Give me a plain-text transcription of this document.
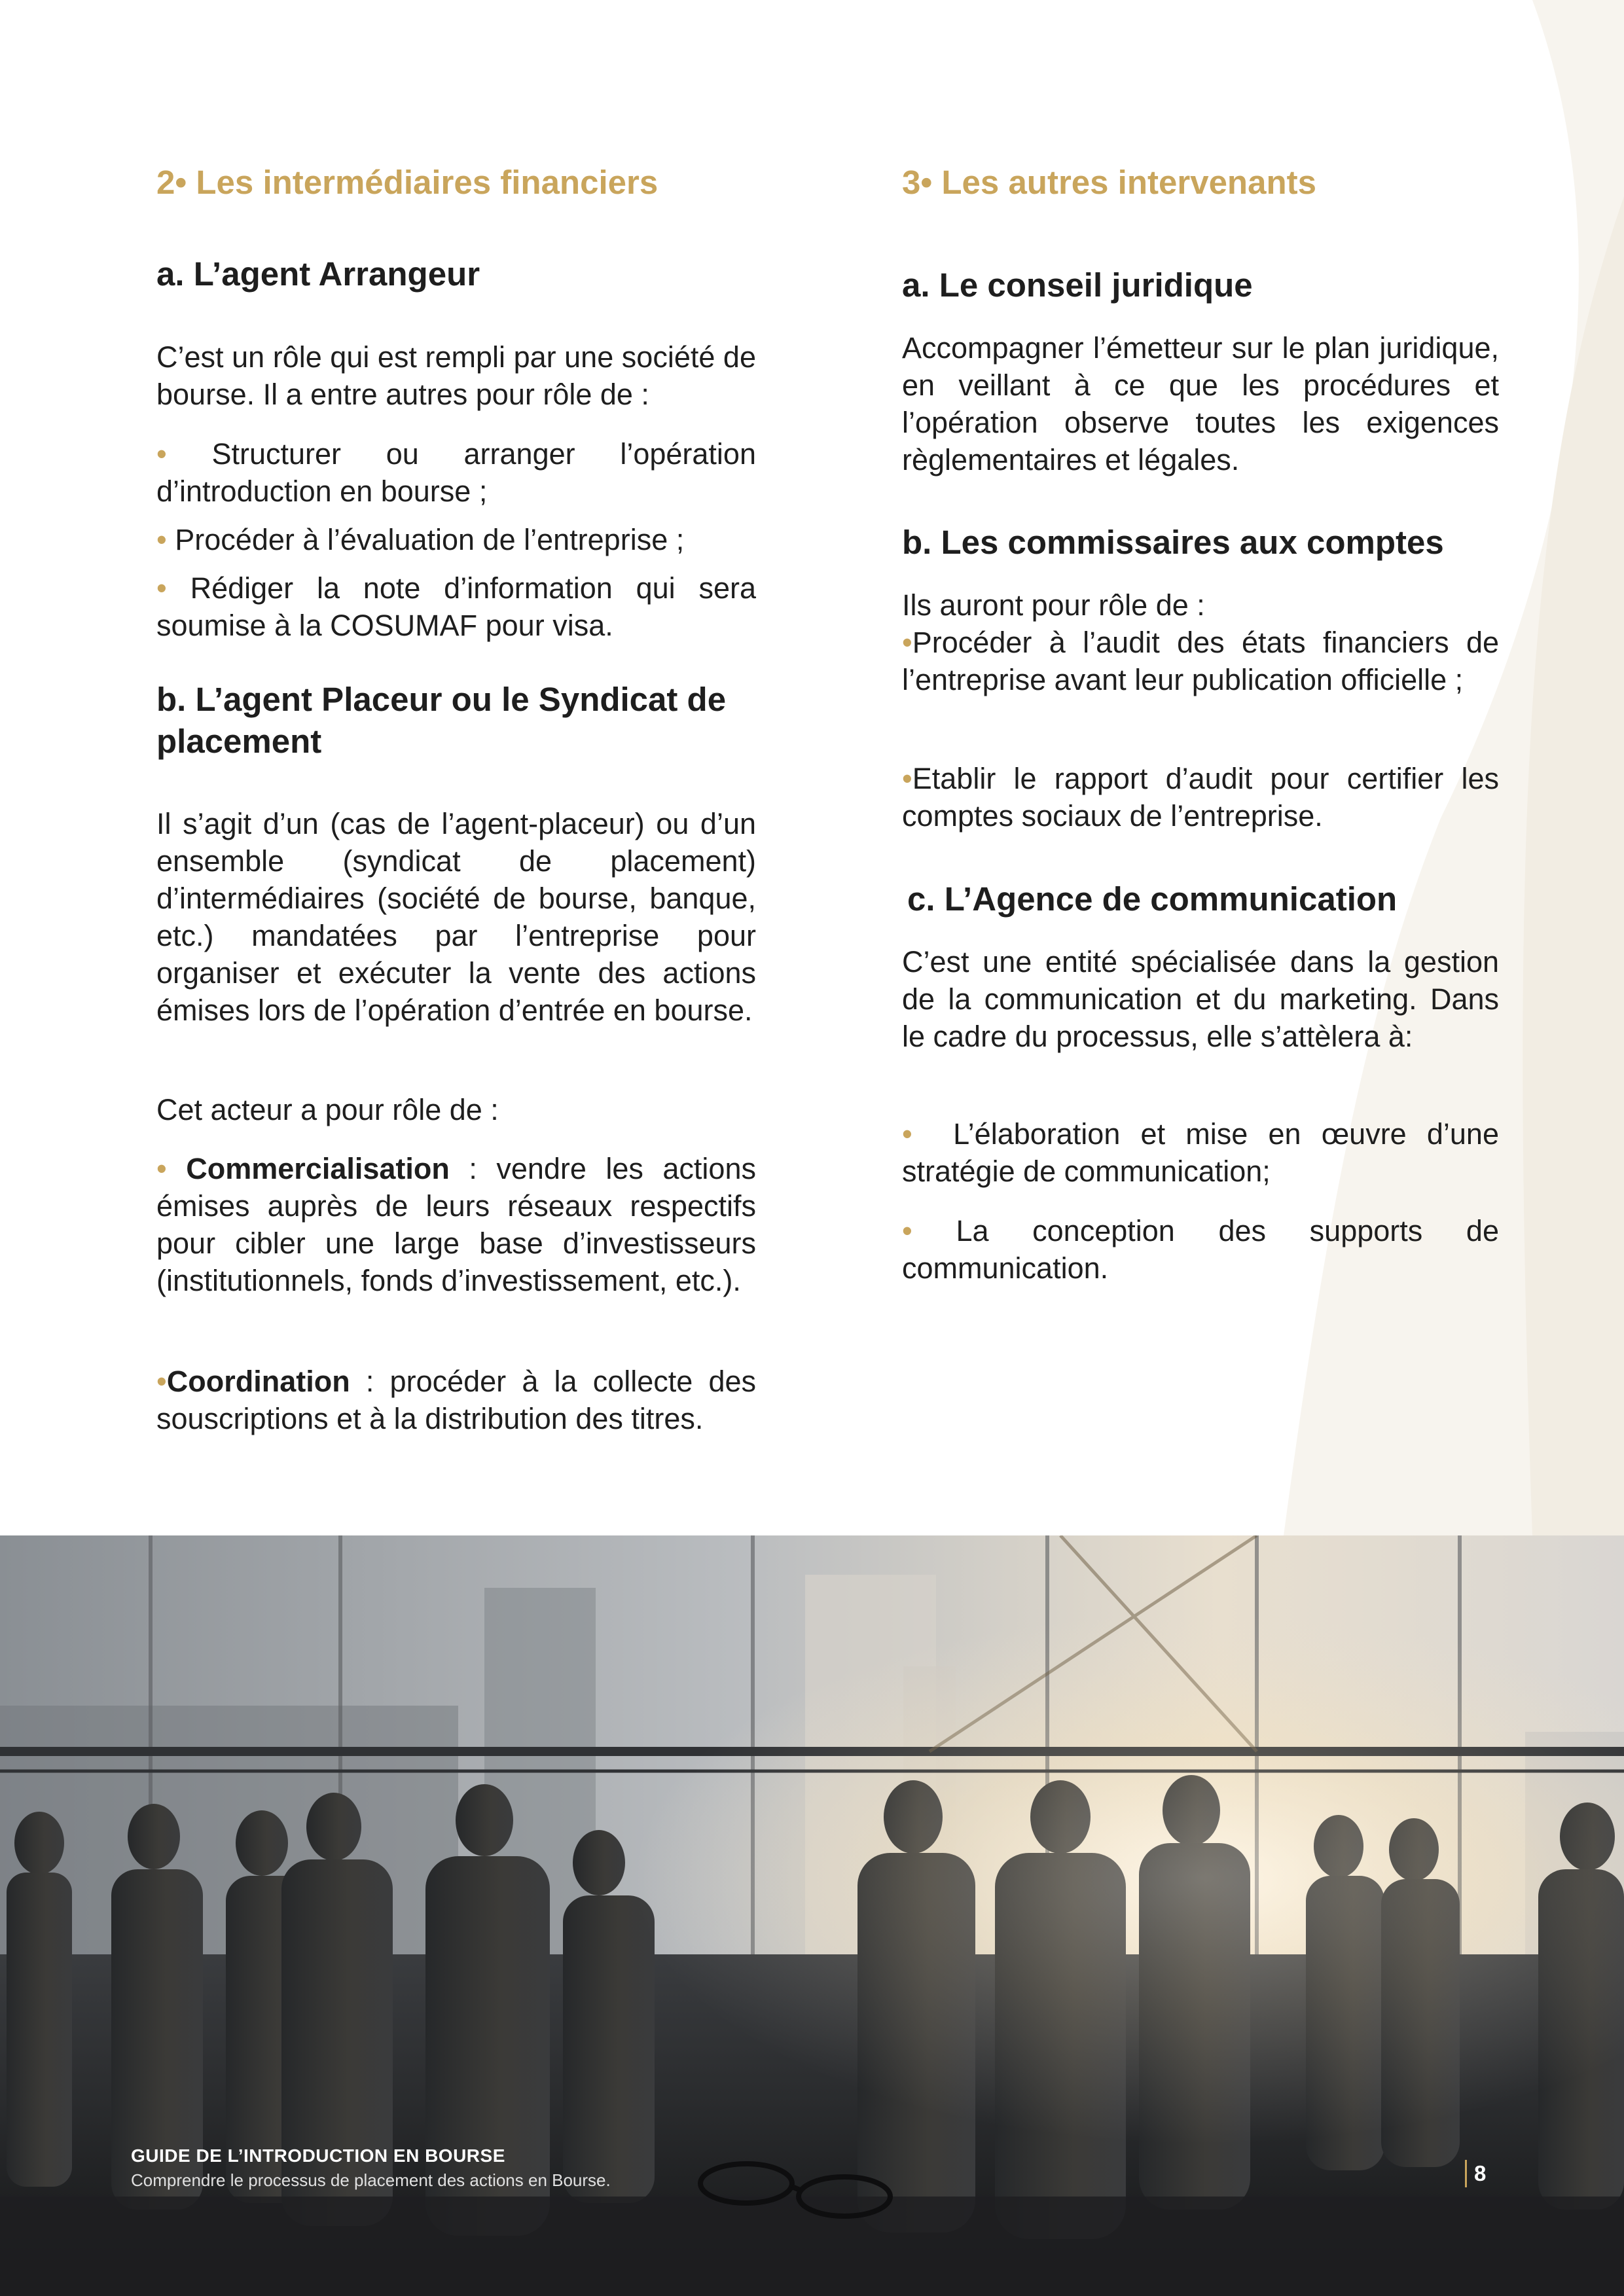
2• Les intermédiaires financiers
a. L’agent Arrangeur

C’est un rôle qui est rempli par une société de bourse. Il a entre autres pour rôle de :

• Structurer ou arranger l’opération d’introduction en bourse ;

• Procéder à l’évaluation de l’entreprise ;

• Rédiger la note d’information qui sera soumise à la COSUMAF pour visa.

b. L’agent Placeur ou le Syndicat de placement

Il s’agit d’un (cas de l’agent-placeur) ou d’un ensemble (syndicat de placement) d’intermédiaires (société de bourse, banque, etc.) mandatées par l’entreprise pour organiser et exécuter la vente des actions émises lors de l’opération d’entrée en bourse.

Cet acteur a pour rôle de :

• Commercialisation : vendre les actions émises auprès de leurs réseaux respectifs pour cibler une large base d’investisseurs (institutionnels, fonds d’investissement, etc.).

•Coordination : procéder à la collecte des souscriptions et à la distribution des titres.

3• Les autres intervenants
a. Le conseil juridique

Accompagner l’émetteur sur le plan juridique, en veillant à ce que les procédures et l’opération observe toutes les exigences règlementaires et légales.

b. Les commissaires aux comptes

Ils auront pour rôle de :

•Procéder à l’audit des états financiers de l’entreprise avant leur publication officielle ;

•Etablir le rapport d’audit pour certifier les comptes sociaux de l’entreprise.

c. L’Agence de communication

C’est une entité spécialisée dans la gestion de la communication et du marketing. Dans le cadre du processus, elle s’attèlera à:

• L’élaboration et mise en œuvre d’une stratégie de communication;

• La conception des supports de communication.

GUIDE DE L’INTRODUCTION EN BOURSE
Comprendre le processus de placement des actions en Bourse.	8
